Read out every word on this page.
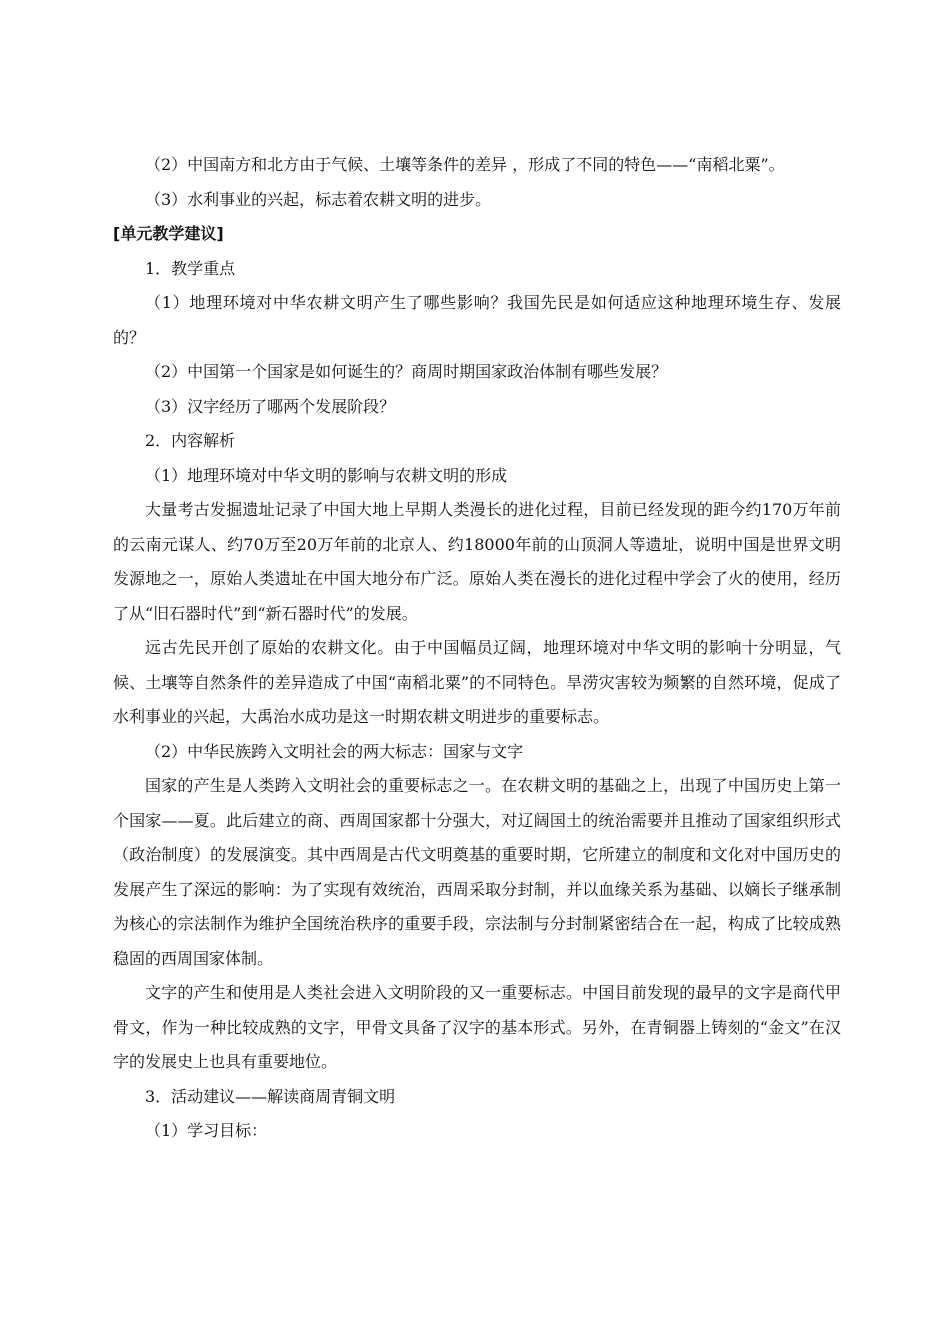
（2）中国南方和北方由于气候、土壤等条件的差异 ，形成了不同的特色——“南稻北粟”。

（3）水利事业的兴起，标志着农耕文明的进步。

[单元教学建议]

1．教学重点

（1）地理环境对中华农耕文明产生了哪些影响？我国先民是如何适应这种地理环境生存、发展的？

（2）中国第一个国家是如何诞生的？商周时期国家政治体制有哪些发展？

（3）汉字经历了哪两个发展阶段？

2．内容解析

（1）地理环境对中华文明的影响与农耕文明的形成

大量考古发掘遗址记录了中国大地上早期人类漫长的进化过程，目前已经发现的距今约170万年前的云南元谋人、约70万至20万年前的北京人、约18000年前的山顶洞人等遗址，说明中国是世界文明发源地之一，原始人类遗址在中国大地分布广泛。原始人类在漫长的进化过程中学会了火的使用，经历了从“旧石器时代”到“新石器时代”的发展。

远古先民开创了原始的农耕文化。由于中国幅员辽阔，地理环境对中华文明的影响十分明显，气候、土壤等自然条件的差异造成了中国“南稻北粟”的不同特色。旱涝灾害较为频繁的自然环境，促成了水利事业的兴起，大禹治水成功是这一时期农耕文明进步的重要标志。

（2）中华民族跨入文明社会的两大标志：国家与文字

国家的产生是人类跨入文明社会的重要标志之一。在农耕文明的基础之上，出现了中国历史上第一个国家——夏。此后建立的商、西周国家都十分强大，对辽阔国土的统治需要并且推动了国家组织形式（政治制度）的发展演变。其中西周是古代文明奠基的重要时期，它所建立的制度和文化对中国历史的发展产生了深远的影响：为了实现有效统治，西周采取分封制，并以血缘关系为基础、以嫡长子继承制为核心的宗法制作为维护全国统治秩序的重要手段，宗法制与分封制紧密结合在一起，构成了比较成熟稳固的西周国家体制。

文字的产生和使用是人类社会进入文明阶段的又一重要标志。中国目前发现的最早的文字是商代甲骨文，作为一种比较成熟的文字，甲骨文具备了汉字的基本形式。另外，在青铜器上铸刻的“金文”在汉字的发展史上也具有重要地位。

3．活动建议——解读商周青铜文明

（1）学习目标：
